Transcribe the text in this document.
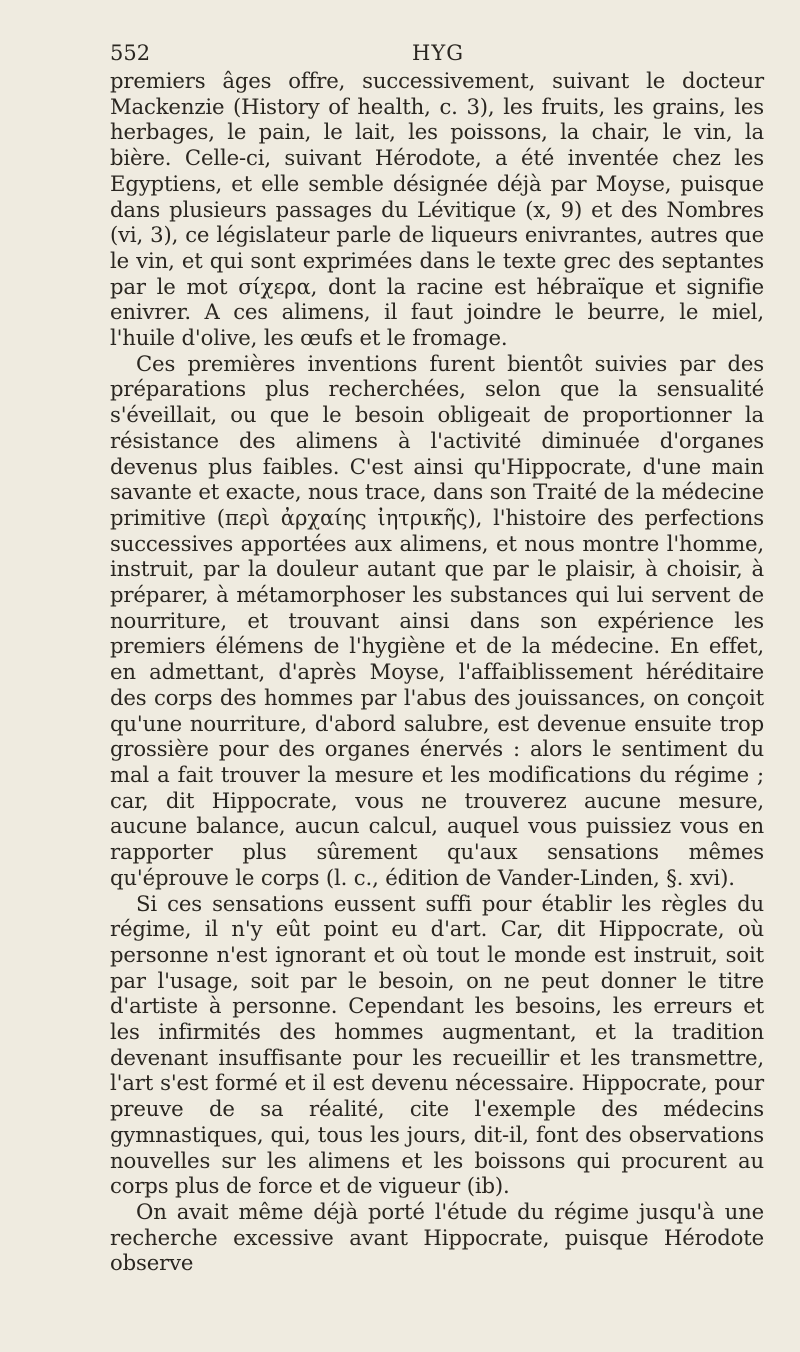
552	HYG

premiers âges offre, successivement, suivant le docteur Mackenzie (History of health, c. 3), les fruits, les grains, les herbages, le pain, le lait, les poissons, la chair, le vin, la bière. Celle-ci, suivant Hérodote, a été inventée chez les Egyptiens, et elle semble désignée déjà par Moyse, puisque dans plusieurs passages du Lévitique (x, 9) et des Nombres (vi, 3), ce législateur parle de liqueurs enivrantes, autres que le vin, et qui sont exprimées dans le texte grec des septantes par le mot σίχερα, dont la racine est hébraïque et signifie enivrer. A ces alimens, il faut joindre le beurre, le miel, l'huile d'olive, les œufs et le fromage.

Ces premières inventions furent bientôt suivies par des préparations plus recherchées, selon que la sensualité s'éveillait, ou que le besoin obligeait de proportionner la résistance des alimens à l'activité diminuée d'organes devenus plus faibles. C'est ainsi qu'Hippocrate, d'une main savante et exacte, nous trace, dans son Traité de la médecine primitive (περὶ ἀρχαίης ἰητρικῆς), l'histoire des perfections successives apportées aux alimens, et nous montre l'homme, instruit, par la douleur autant que par le plaisir, à choisir, à préparer, à métamorphoser les substances qui lui servent de nourriture, et trouvant ainsi dans son expérience les premiers élémens de l'hygiène et de la médecine. En effet, en admettant, d'après Moyse, l'affaiblissement héréditaire des corps des hommes par l'abus des jouissances, on conçoit qu'une nourriture, d'abord salubre, est devenue ensuite trop grossière pour des organes énervés : alors le sentiment du mal a fait trouver la mesure et les modifications du régime ; car, dit Hippocrate, vous ne trouverez aucune mesure, aucune balance, aucun calcul, auquel vous puissiez vous en rapporter plus sûrement qu'aux sensations mêmes qu'éprouve le corps (l. c., édition de Vander-Linden, §. xvi).

Si ces sensations eussent suffi pour établir les règles du régime, il n'y eût point eu d'art. Car, dit Hippocrate, où personne n'est ignorant et où tout le monde est instruit, soit par l'usage, soit par le besoin, on ne peut donner le titre d'artiste à personne. Cependant les besoins, les erreurs et les infirmités des hommes augmentant, et la tradition devenant insuffisante pour les recueillir et les transmettre, l'art s'est formé et il est devenu nécessaire. Hippocrate, pour preuve de sa réalité, cite l'exemple des médecins gymnastiques, qui, tous les jours, dit-il, font des observations nouvelles sur les alimens et les boissons qui procurent au corps plus de force et de vigueur (ib).

On avait même déjà porté l'étude du régime jusqu'à une recherche excessive avant Hippocrate, puisque Hérodote observe
